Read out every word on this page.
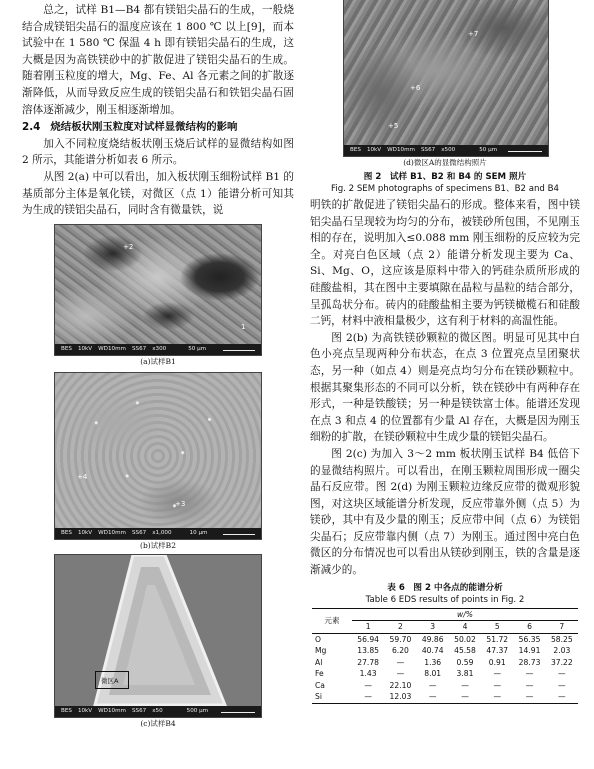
总之，试样 B1—B4 都有镁铝尖晶石的生成，一般烧结合成镁铝尖晶石的温度应该在 1 800 ℃ 以上[9]，而本试验中在 1 580 ℃ 保温 4 h 即有镁铝尖晶石的生成，这大概是因为高铁镁砂中的扩散促进了镁铝尖晶石的生成。随着刚玉粒度的增大，Mg、Fe、Al 各元素之间的扩散逐渐降低，从而导致反应生成的镁铝尖晶石和铁铝尖晶石固溶体逐渐减少，刚玉相逐渐增加。

2.4 烧结板状刚玉粒度对试样显微结构的影响

加入不同粒度烧结板状刚玉烧后试样的显微结构如图 2 所示，其能谱分析如表 6 所示。

从图 2(a) 中可以看出，加入板状刚玉细粉试样 B1 的基质部分主体是氧化镁，对微区（点 1）能谱分析可知其为生成的镁铝尖晶石，同时含有微量铁，说

+2
1
BES 10kV WD10mm SS67 x300	50 μm
(a)试样B1
+4
+3
BES 10kV WD10mm SS67 x1,000	10 μm
(b)试样B2
微区A
BES 10kV WD10mm SS67 x50	500 μm
(c)试样B4
+7
+6
+5
BES 10kV WD10mm SS67 x500	50 μm
(d)微区A的显微结构照片
图 2　试样 B1、B2 和 B4 的 SEM 照片
Fig. 2 SEM photographs of specimens B1、B2 and B4

明铁的扩散促进了镁铝尖晶石的形成。整体来看，图中镁铝尖晶石呈现较为均匀的分布，被镁砂所包围，不见刚玉相的存在，说明加入≤0.088 mm 刚玉细粉的反应较为完全。对亮白色区域（点 2）能谱分析发现主要为 Ca、Si、Mg、O，这应该是原料中带入的钙硅杂质所形成的硅酸盐相，其在图中主要填隙在晶粒与晶粒的结合部分，呈孤岛状分布。砖内的硅酸盐相主要为钙镁橄榄石和硅酸二钙，材料中液相量极少，这有利于材料的高温性能。

图 2(b) 为高铁镁砂颗粒的微区图。明显可见其中白色小亮点呈现两种分布状态，在点 3 位置亮点呈团聚状态，另一种（如点 4）则是亮点均匀分布在镁砂颗粒中。根据其聚集形态的不同可以分析，铁在镁砂中有两种存在形式，一种是铁酸镁；另一种是镁铁富士体。能谱还发现在点 3 和点 4 的位置都有少量 Al 存在，大概是因为刚玉细粉的扩散，在镁砂颗粒中生成少量的镁铝尖晶石。

图 2(c) 为加入 3～2 mm 板状刚玉试样 B4 低倍下的显微结构照片。可以看出，在刚玉颗粒周围形成一圈尖晶石反应带。图 2(d) 为刚玉颗粒边缘反应带的微观形貌图，对这块区域能谱分析发现，反应带靠外侧（点 5）为镁砂，其中有及少量的刚玉；反应带中间（点 6）为镁铝尖晶石；反应带靠内侧（点 7）为刚玉。通过图中亮白色微区的分布情况也可以看出从镁砂到刚玉，铁的含量是逐渐减少的。

表 6　图 2 中各点的能谱分析
Table 6 EDS results of points in Fig. 2
元素	w/%						
	1	2	3	4	5	6	7
O	56.94	59.70	49.86	50.02	51.72	56.35	58.25
Mg	13.85	6.20	40.74	45.58	47.37	14.91	2.03
Al	27.78	—	1.36	0.59	0.91	28.73	37.22
Fe	1.43	—	8.01	3.81	—	—	—
Ca	—	22.10	—	—	—	—	—
Si	—	12.03	—	—	—	—	—
